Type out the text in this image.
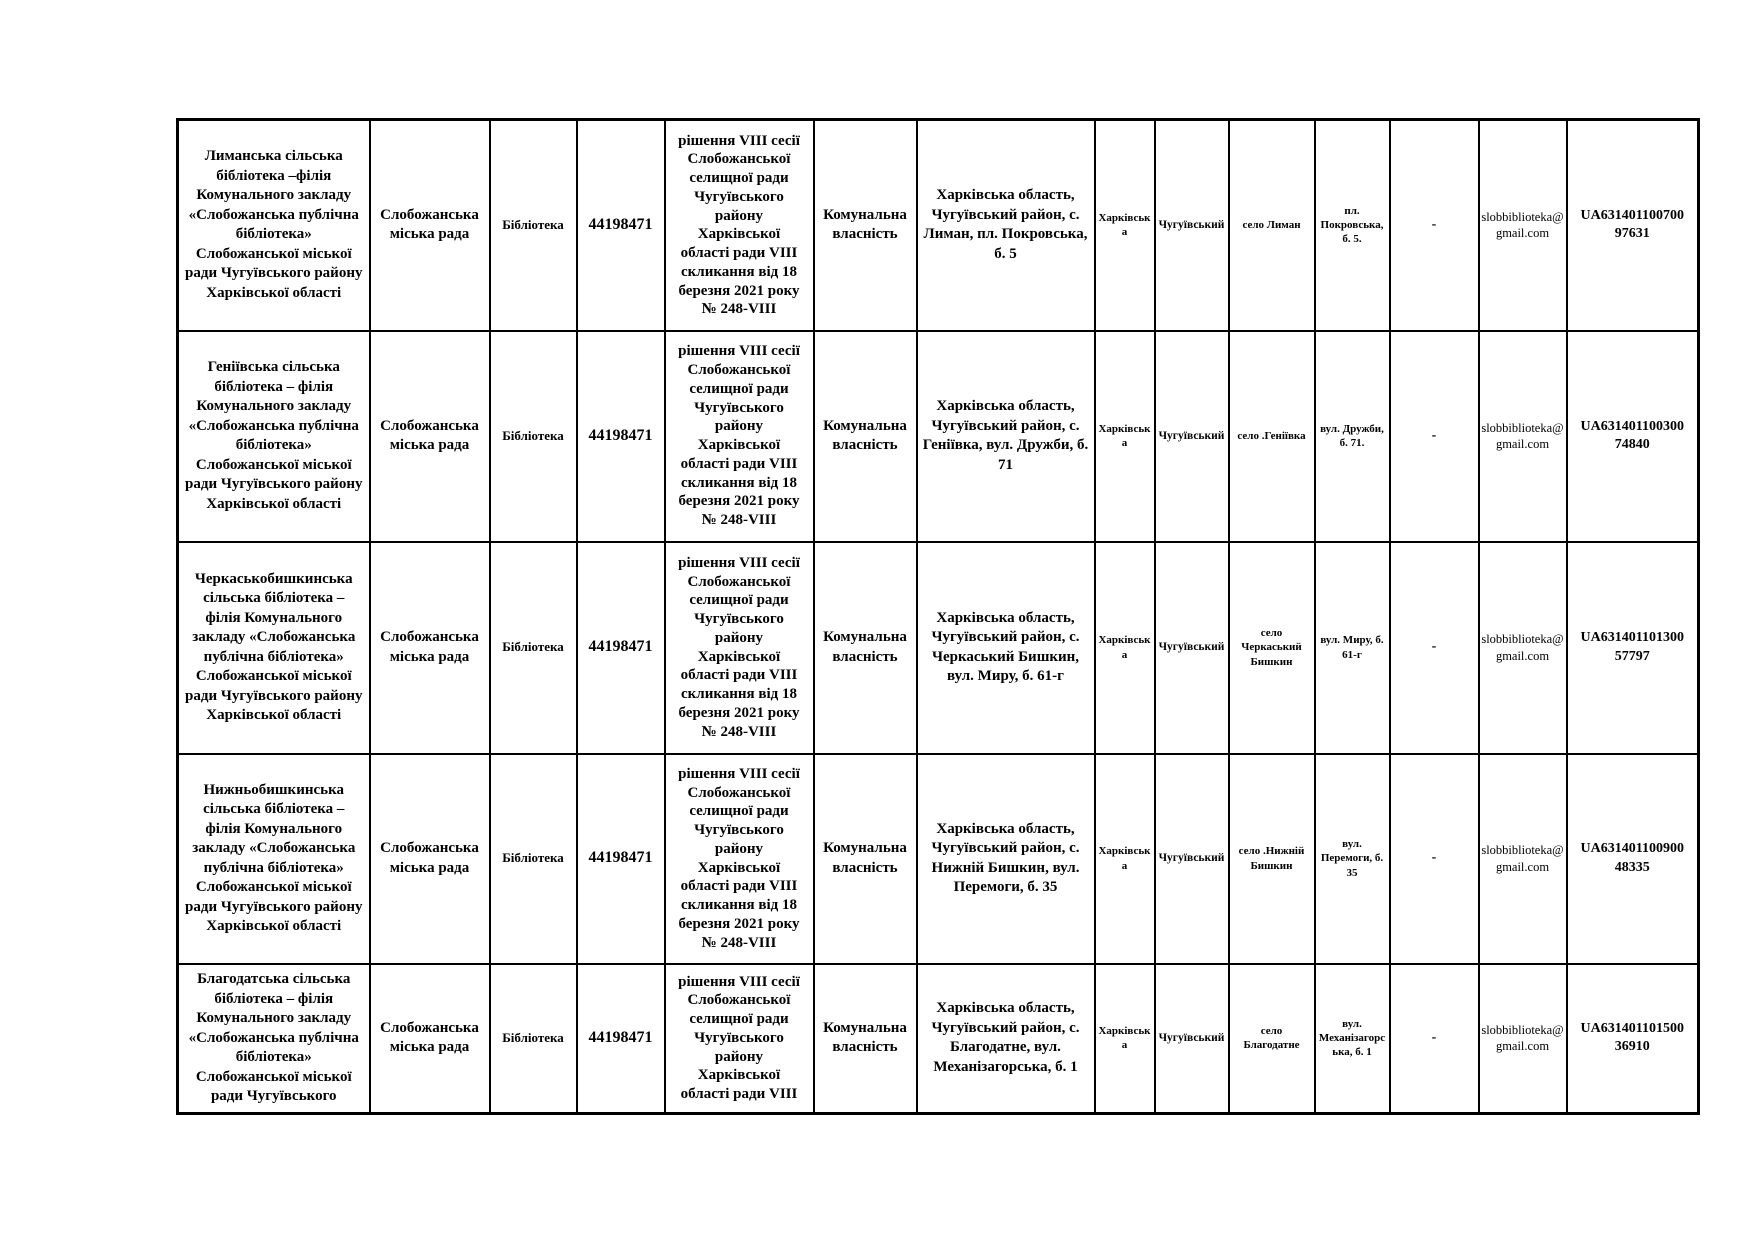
Лиманська сільська бібліотека –філія Комунального закладу «Слобожанська публічна бібліотека» Слобожанської міської ради Чугуївського району Харківської області	Слобожанська міська рада	Бібліотека	44198471	рішення VIII сесії Слобожанської селищної ради Чугуївського району Харківської області ради VIII скликання від 18 березня 2021 року № 248-VIII	Комунальна власність	Харківська область, Чугуївський район, с. Лиман, пл. Покровська, б. 5	Харківська	Чугуївський	село Лиман	пл. Покровська, б. 5.	-	slobbiblioteka@gmail.com	UA631401100700 97631
Геніївська сільська бібліотека – філія Комунального закладу «Слобожанська публічна бібліотека» Слобожанської міської ради Чугуївського району Харківської області	Слобожанська міська рада	Бібліотека	44198471	рішення VIII сесії Слобожанської селищної ради Чугуївського району Харківської області ради VIII скликання від 18 березня 2021 року № 248-VIII	Комунальна власність	Харківська область, Чугуївський район, с. Геніївка, вул. Дружби, б. 71	Харківська	Чугуївський	село .Геніївка	вул. Дружби, б. 71.	-	slobbiblioteka@gmail.com	UA631401100300 74840
Черкаськобишкинська сільська бібліотека – філія Комунального закладу «Слобожанська публічна бібліотека» Слобожанської міської ради Чугуївського району Харківської області	Слобожанська міська рада	Бібліотека	44198471	рішення VIII сесії Слобожанської селищної ради Чугуївського району Харківської області ради VIII скликання від 18 березня 2021 року № 248-VIII	Комунальна власність	Харківська область, Чугуївський район, с. Черкаський Бишкин, вул. Миру, б. 61-г	Харківська	Чугуївський	село Черкаський Бишкин	вул. Миру, б. 61-г	-	slobbiblioteka@gmail.com	UA631401101300 57797
Нижньобишкинська сільська бібліотека – філія Комунального закладу «Слобожанська публічна бібліотека» Слобожанської міської ради Чугуївського району Харківської області	Слобожанська міська рада	Бібліотека	44198471	рішення VIII сесії Слобожанської селищної ради Чугуївського району Харківської області ради VIII скликання від 18 березня 2021 року № 248-VIII	Комунальна власність	Харківська область, Чугуївський район, с. Нижній Бишкин, вул. Перемоги, б. 35	Харківська	Чугуївський	село .Нижній Бишкин	вул. Перемоги, б. 35	-	slobbiblioteka@gmail.com	UA631401100900 48335
Благодатська сільська бібліотека – філія Комунального закладу «Слобожанська публічна бібліотека» Слобожанської міської ради Чугуївського	Слобожанська міська рада	Бібліотека	44198471	рішення VIII сесії Слобожанської селищної ради Чугуївського району Харківської області ради VIII	Комунальна власність	Харківська область, Чугуївський район, с. Благодатне, вул. Механізагорська, б. 1	Харківська	Чугуївський	село Благодатне	вул. Механізагорська, б. 1	-	slobbiblioteka@gmail.com	UA631401101500 36910
